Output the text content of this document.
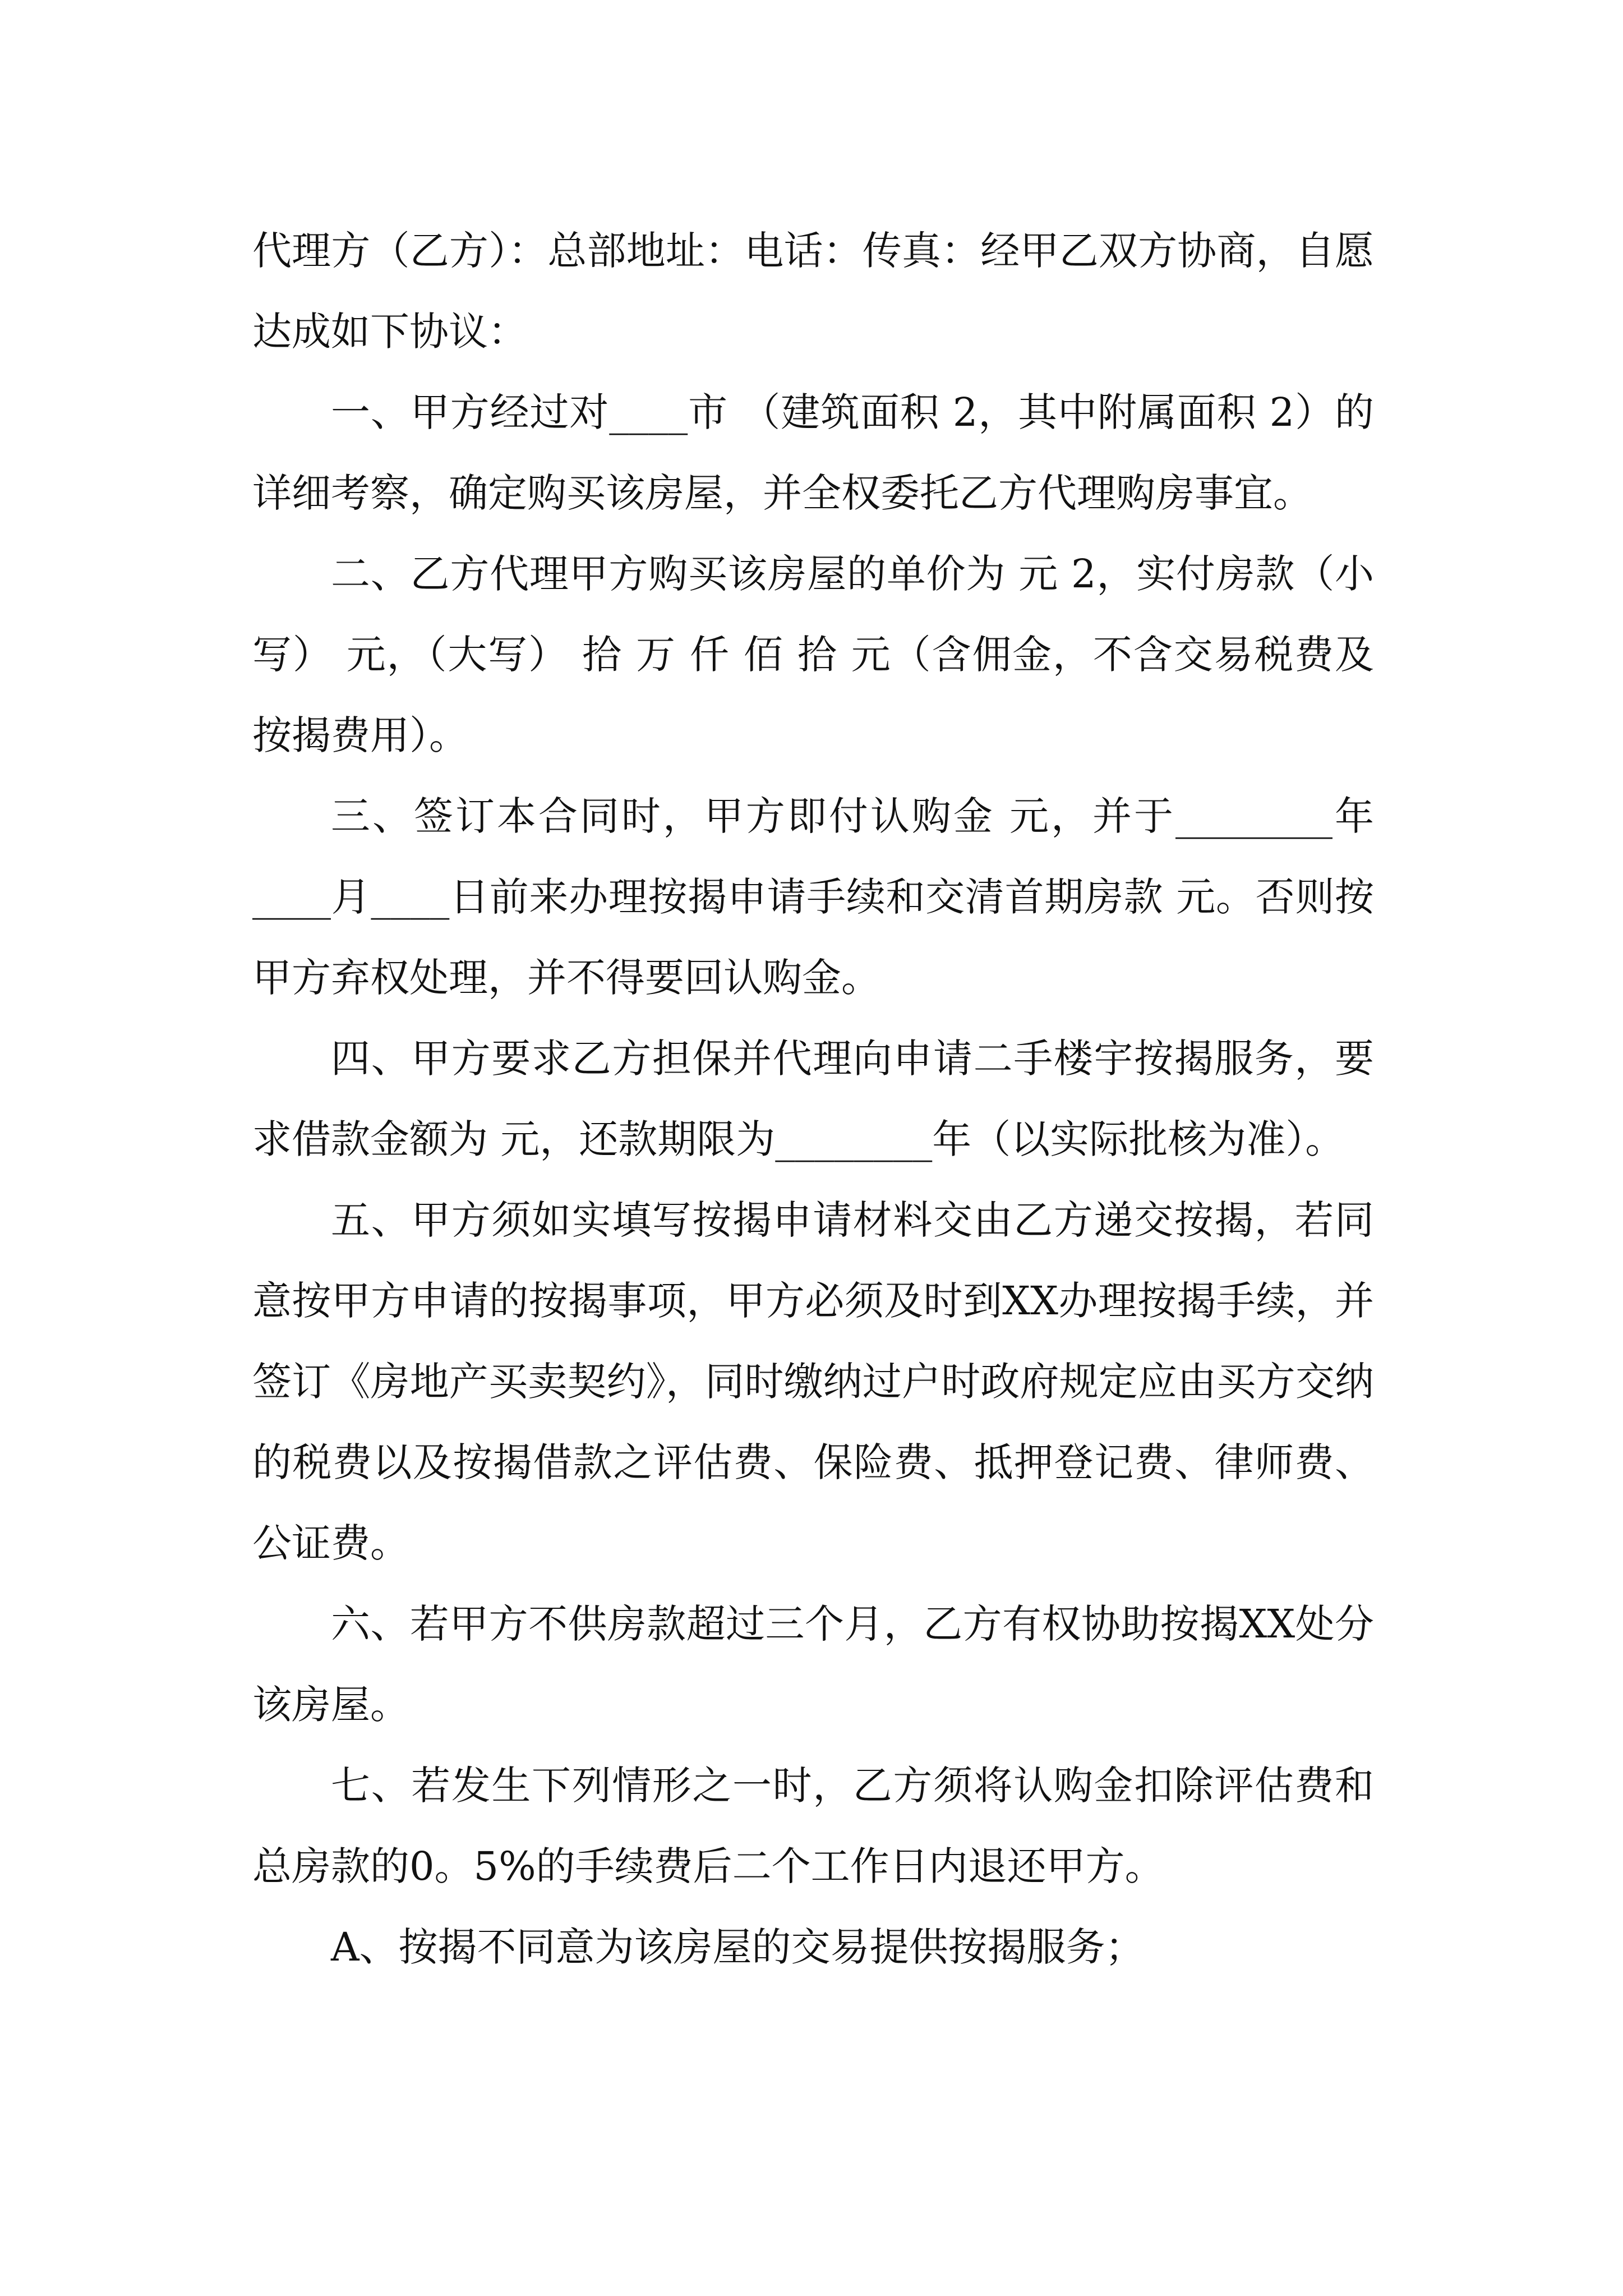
代理方（乙方）：总部地址：电话：传真：经甲乙双方协商，自愿达成如下协议：

一、甲方经过对____市 （建筑面积 2，其中附属面积 2）的详细考察，确定购买该房屋，并全权委托乙方代理购房事宜。

二、乙方代理甲方购买该房屋的单价为 元 2，实付房款（小写） 元，（大写） 拾 万 仟 佰 拾 元（含佣金，不含交易税费及按揭费用）。

三、签订本合同时，甲方即付认购金 元，并于________年____月____日前来办理按揭申请手续和交清首期房款 元。否则按甲方弃权处理，并不得要回认购金。

四、甲方要求乙方担保并代理向申请二手楼宇按揭服务，要求借款金额为 元，还款期限为________年（以实际批核为准）。

五、甲方须如实填写按揭申请材料交由乙方递交按揭，若同意按甲方申请的按揭事项，甲方必须及时到XX办理按揭手续，并签订《房地产买卖契约》，同时缴纳过户时政府规定应由买方交纳的税费以及按揭借款之评估费、保险费、抵押登记费、律师费、公证费。

六、若甲方不供房款超过三个月，乙方有权协助按揭XX处分该房屋。

七、若发生下列情形之一时，乙方须将认购金扣除评估费和总房款的0。5%的手续费后二个工作日内退还甲方。

A、按揭不同意为该房屋的交易提供按揭服务；
